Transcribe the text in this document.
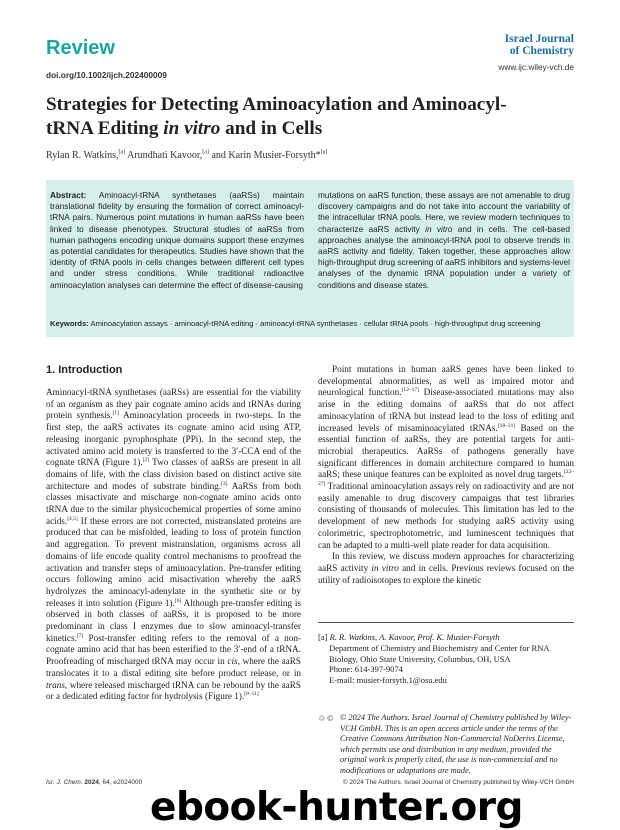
Review	Israel Journal
of Chemistry
doi.org/10.1002/ijch.202400009
www.ijc.wiley-vch.de
Strategies for Detecting Aminoacylation and Aminoacyl-
tRNA Editing in vitro and in Cells
Rylan R. Watkins,[a] Arundhati Kavoor,[a] and Karin Musier-Forsyth*[a]
Abstract: Aminoacyl-tRNA synthetases (aaRSs) maintain translational fidelity by ensuring the formation of correct aminoacyl-tRNA pairs. Numerous point mutations in human aaRSs have been linked to disease phenotypes. Structural studies of aaRSs from human pathogens encoding unique domains support these enzymes as potential candidates for therapeutics. Studies have shown that the identity of tRNA pools in cells changes between different cell types and under stress conditions. While traditional radioactive aminoacylation analyses can determine the effect of disease-causing
mutations on aaRS function, these assays are not amenable to drug discovery campaigns and do not take into account the variability of the intracellular tRNA pools. Here, we review modern techniques to characterize aaRS activity in vitro and in cells. The cell-based approaches analyse the aminoacyl-tRNA pool to observe trends in aaRS activity and fidelity. Taken together, these approaches allow high-throughput drug screening of aaRS inhibitors and systems-level analyses of the dynamic tRNA population under a variety of conditions and disease states.
Keywords: Aminoacylation assays · aminoacyl-tRNA editing · aminoacyl-tRNA synthetases · cellular tRNA pools · high-throughput drug screening
1. Introduction
Aminoacyl-tRNA synthetases (aaRSs) are essential for the viability of an organism as they pair cognate amino acids and tRNAs during protein synthesis.[1] Aminoacylation proceeds in two-steps. In the first step, the aaRS activates its cognate amino acid using ATP, releasing inorganic pyrophosphate (PPi). In the second step, the activated amino acid moiety is transferred to the 3′-CCA end of the cognate tRNA (Figure 1).[2] Two classes of aaRSs are present in all domains of life, with the class division based on distinct active site architecture and modes of substrate binding.[3] AaRSs from both classes misactivate and mischarge non-cognate amino acids onto tRNA due to the similar physicochemical properties of some amino acids.[4,5] If these errors are not corrected, mistranslated proteins are produced that can be misfolded, leading to loss of protein function and aggregation. To prevent mistranslation, organisms across all domains of life encode quality control mechanisms to proofread the activation and transfer steps of aminoacylation. Pre-transfer editing occurs following amino acid misactivation whereby the aaRS hydrolyzes the aminoacyl-adenylate in the synthetic site or by releases it into solution (Figure 1).[6] Although pre-transfer editing is observed in both classes of aaRSs, it is proposed to be more predominant in class I enzymes due to slow aminoacyl-transfer kinetics.[7] Post-transfer editing refers to the removal of a non-cognate amino acid that has been esterified to the 3′-end of a tRNA. Proofreading of mischarged tRNA may occur in cis, where the aaRS translocates it to a distal editing site before product release, or in trans, where released mischarged tRNA can be rebound by the aaRS or a dedicated editing factor for hydrolysis (Figure 1).[8–11]
Point mutations in human aaRS genes have been linked to developmental abnormalities, as well as impaired motor and neurological function.[12–17] Disease-associated mutations may also arise in the editing domains of aaRSs that do not affect aminoacylation of tRNA but instead lead to the loss of editing and increased levels of misaminoacylated tRNAs.[18–21] Based on the essential function of aaRSs, they are potential targets for anti-microbial therapeutics. AaRSs of pathogens generally have significant differences in domain architecture compared to human aaRS; these unique features can be exploited as novel drug targets.[22–27] Traditional aminoacylation assays rely on radioactivity and are not easily amenable to drug discovery campaigns that test libraries consisting of thousands of molecules. This limitation has led to the development of new methods for studying aaRS activity using colorimetric, spectrophotometric, and luminescent techniques that can be adapted to a multi-well plate reader for data acquisition.
In this review, we discuss modern approaches for characterizing aaRS activity in vitro and in cells. Previous reviews focused on the utility of radioisotopes to explore the kinetic
[a] R. R. Watkins, A. Kavoor, Prof. K. Musier-Forsyth
Department of Chemistry and Biochemistry and Center for RNA Biology, Ohio State University, Columbus, OH, USA
Phone: 614-397-9074
E-mail: musier-forsyth.1@osu.edu
♲ © © 2024 The Authors. Israel Journal of Chemistry published by Wiley-VCH GmbH. This is an open access article under the terms of the Creative Commons Attribution Non-Commercial NoDerivs License, which permits use and distribution in any medium, provided the original work is properly cited, the use is non-commercial and no modifications or adaptations are made.
Isr. J. Chem. 2024, 64, e2024000	© 2024 The Authors. Israel Journal of Chemistry published by Wiley-VCH GmbH
ebook-hunter.org
